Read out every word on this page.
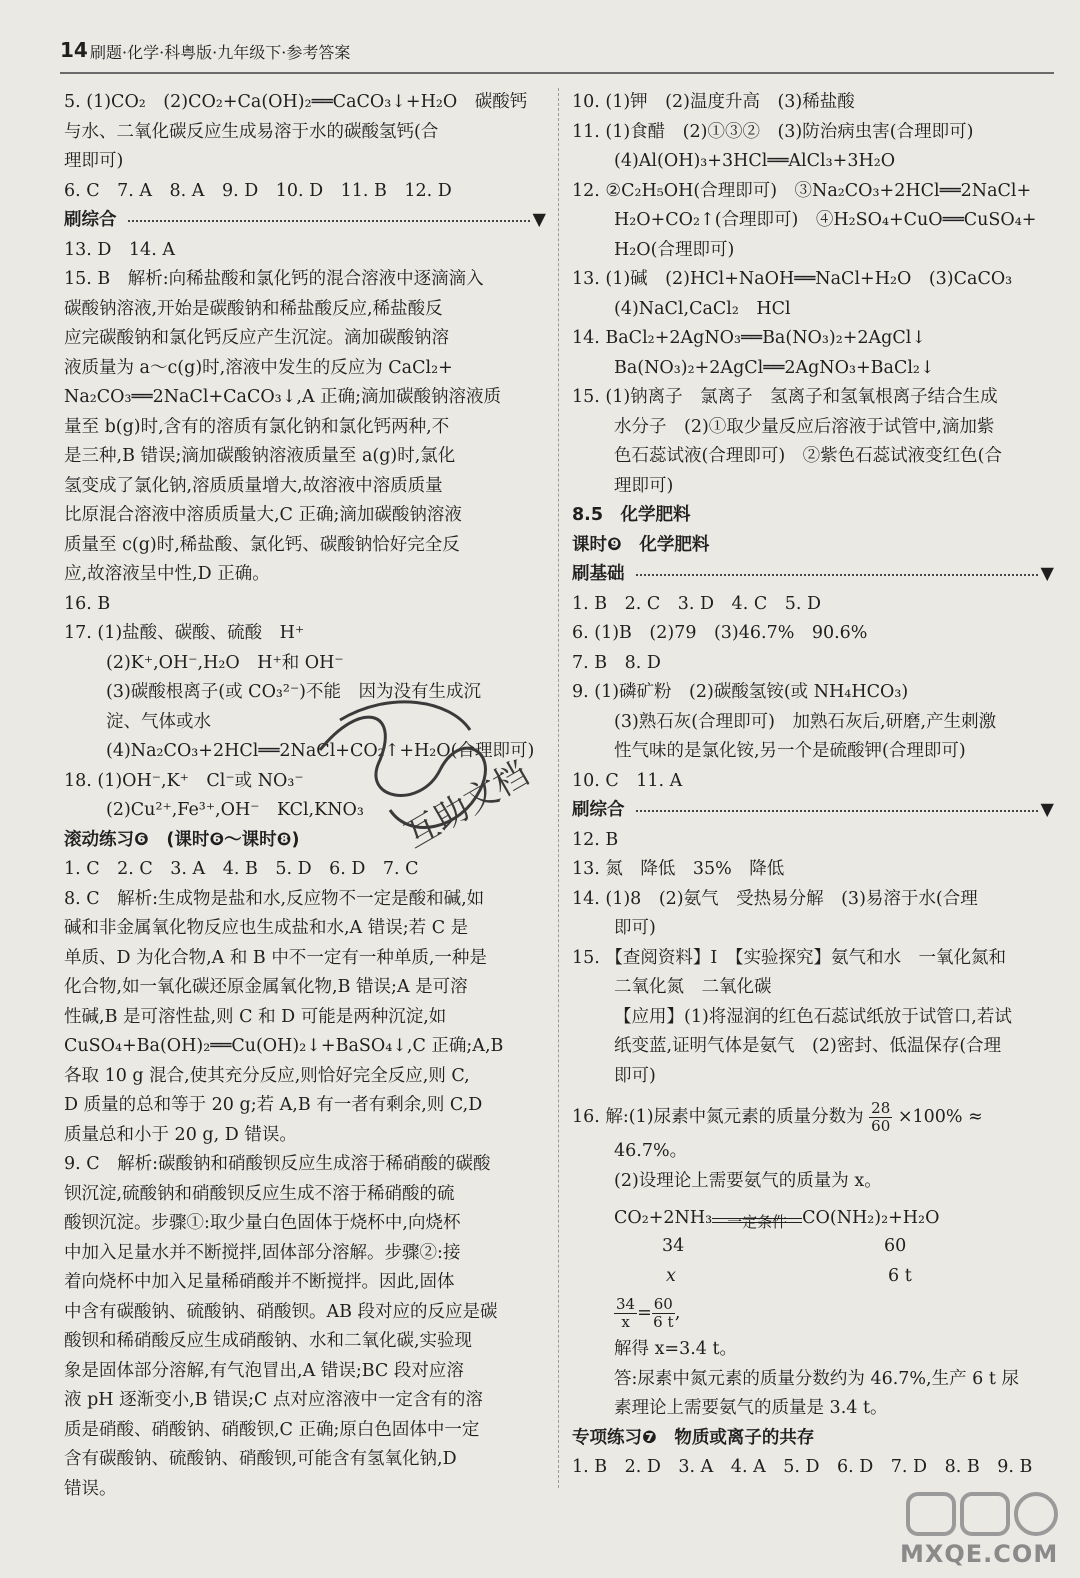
14 刷题·化学·科粤版·九年级下·参考答案
5. (1)CO₂　(2)CO₂+Ca(OH)₂══CaCO₃↓+H₂O　碳酸钙
与水、二氧化碳反应生成易溶于水的碳酸氢钙(合
理即可)
6. C　7. A　8. A　9. D　10. D　11. B　12. D
刷综合	▼
13. D　14. A
15. B　解析:向稀盐酸和氯化钙的混合溶液中逐滴滴入
碳酸钠溶液,开始是碳酸钠和稀盐酸反应,稀盐酸反
应完碳酸钠和氯化钙反应产生沉淀。滴加碳酸钠溶
液质量为 a～c(g)时,溶液中发生的反应为 CaCl₂+
Na₂CO₃══2NaCl+CaCO₃↓,A 正确;滴加碳酸钠溶液质
量至 b(g)时,含有的溶质有氯化钠和氯化钙两种,不
是三种,B 错误;滴加碳酸钠溶液质量至 a(g)时,氯化
氢变成了氯化钠,溶质质量增大,故溶液中溶质质量
比原混合溶液中溶质质量大,C 正确;滴加碳酸钠溶液
质量至 c(g)时,稀盐酸、氯化钙、碳酸钠恰好完全反
应,故溶液呈中性,D 正确。
16. B
17. (1)盐酸、碳酸、硫酸　H⁺
(2)K⁺,OH⁻,H₂O　H⁺和 OH⁻
(3)碳酸根离子(或 CO₃²⁻)不能　因为没有生成沉
淀、气体或水
(4)Na₂CO₃+2HCl══2NaCl+CO₂↑+H₂O(合理即可)
18. (1)OH⁻,K⁺　Cl⁻或 NO₃⁻
(2)Cu²⁺,Fe³⁺,OH⁻　KCl,KNO₃
滚动练习❻　(课时❻～课时❽)
1. C　2. C　3. A　4. B　5. D　6. D　7. C
8. C　解析:生成物是盐和水,反应物不一定是酸和碱,如
碱和非金属氧化物反应也生成盐和水,A 错误;若 C 是
单质、D 为化合物,A 和 B 中不一定有一种单质,一种是
化合物,如一氧化碳还原金属氧化物,B 错误;A 是可溶
性碱,B 是可溶性盐,则 C 和 D 可能是两种沉淀,如
CuSO₄+Ba(OH)₂══Cu(OH)₂↓+BaSO₄↓,C 正确;A,B
各取 10 g 混合,使其充分反应,则恰好完全反应,则 C,
D 质量的总和等于 20 g;若 A,B 有一者有剩余,则 C,D
质量总和小于 20 g, D 错误。
9. C　解析:碳酸钠和硝酸钡反应生成溶于稀硝酸的碳酸
钡沉淀,硫酸钠和硝酸钡反应生成不溶于稀硝酸的硫
酸钡沉淀。步骤①:取少量白色固体于烧杯中,向烧杯
中加入足量水并不断搅拌,固体部分溶解。步骤②:接
着向烧杯中加入足量稀硝酸并不断搅拌。因此,固体
中含有碳酸钠、硫酸钠、硝酸钡。AB 段对应的反应是碳
酸钡和稀硝酸反应生成硝酸钠、水和二氧化碳,实验现
象是固体部分溶解,有气泡冒出,A 错误;BC 段对应溶
液 pH 逐渐变小,B 错误;C 点对应溶液中一定含有的溶
质是硝酸、硝酸钠、硝酸钡,C 正确;原白色固体中一定
含有碳酸钠、硫酸钠、硝酸钡,可能含有氢氧化钠,D
错误。
10. (1)钾　(2)温度升高　(3)稀盐酸
11. (1)食醋　(2)①③②　(3)防治病虫害(合理即可)
(4)Al(OH)₃+3HCl══AlCl₃+3H₂O
12. ②C₂H₅OH(合理即可)　③Na₂CO₃+2HCl══2NaCl+
H₂O+CO₂↑(合理即可)　④H₂SO₄+CuO══CuSO₄+
H₂O(合理即可)
13. (1)碱　(2)HCl+NaOH══NaCl+H₂O　(3)CaCO₃
(4)NaCl,CaCl₂　HCl
14. BaCl₂+2AgNO₃══Ba(NO₃)₂+2AgCl↓
Ba(NO₃)₂+2AgCl══2AgNO₃+BaCl₂↓
15. (1)钠离子　氯离子　氢离子和氢氧根离子结合生成
水分子　(2)①取少量反应后溶液于试管中,滴加紫
色石蕊试液(合理即可)　②紫色石蕊试液变红色(合
理即可)
8.5　化学肥料
课时❾　化学肥料
刷基础	▼
1. B　2. C　3. D　4. C　5. D
6. (1)B　(2)79　(3)46.7%　90.6%
7. B　8. D
9. (1)磷矿粉　(2)碳酸氢铵(或 NH₄HCO₃)
(3)熟石灰(合理即可)　加熟石灰后,研磨,产生刺激
性气味的是氯化铵,另一个是硫酸钾(合理即可)
10. C　11. A
刷综合	▼
12. B
13. 氮　降低　35%　降低
14. (1)8　(2)氨气　受热易分解　(3)易溶于水(合理
即可)
15. 【查阅资料】Ⅰ　【实验探究】氨气和水　一氧化氮和
二氧化氮　二氧化碳
【应用】(1)将湿润的红色石蕊试纸放于试管口,若试
纸变蓝,证明气体是氨气　(2)密封、低温保存(合理
即可)
16. 解:(1)尿素中氮元素的质量分数为 $\frac{28}{60} \times 100\%$ ≈
46.7%。
(2)设理论上需要氨气的质量为 x。
CO₂+2NH₃ 一定条件 CO(NH₂)₂+H₂O
34	60
x	6 t
$\frac{34}{x} = \frac{60}{6 t}$ ,
解得 x=3.4 t。
答:尿素中氮元素的质量分数约为 46.7%,生产 6 t 尿
素理论上需要氨气的质量是 3.4 t。
专项练习❼　物质或离子的共存
1. B　2. D　3. A　4. A　5. D　6. D　7. D　8. B　9. B
互助文档
MXQE.COM
